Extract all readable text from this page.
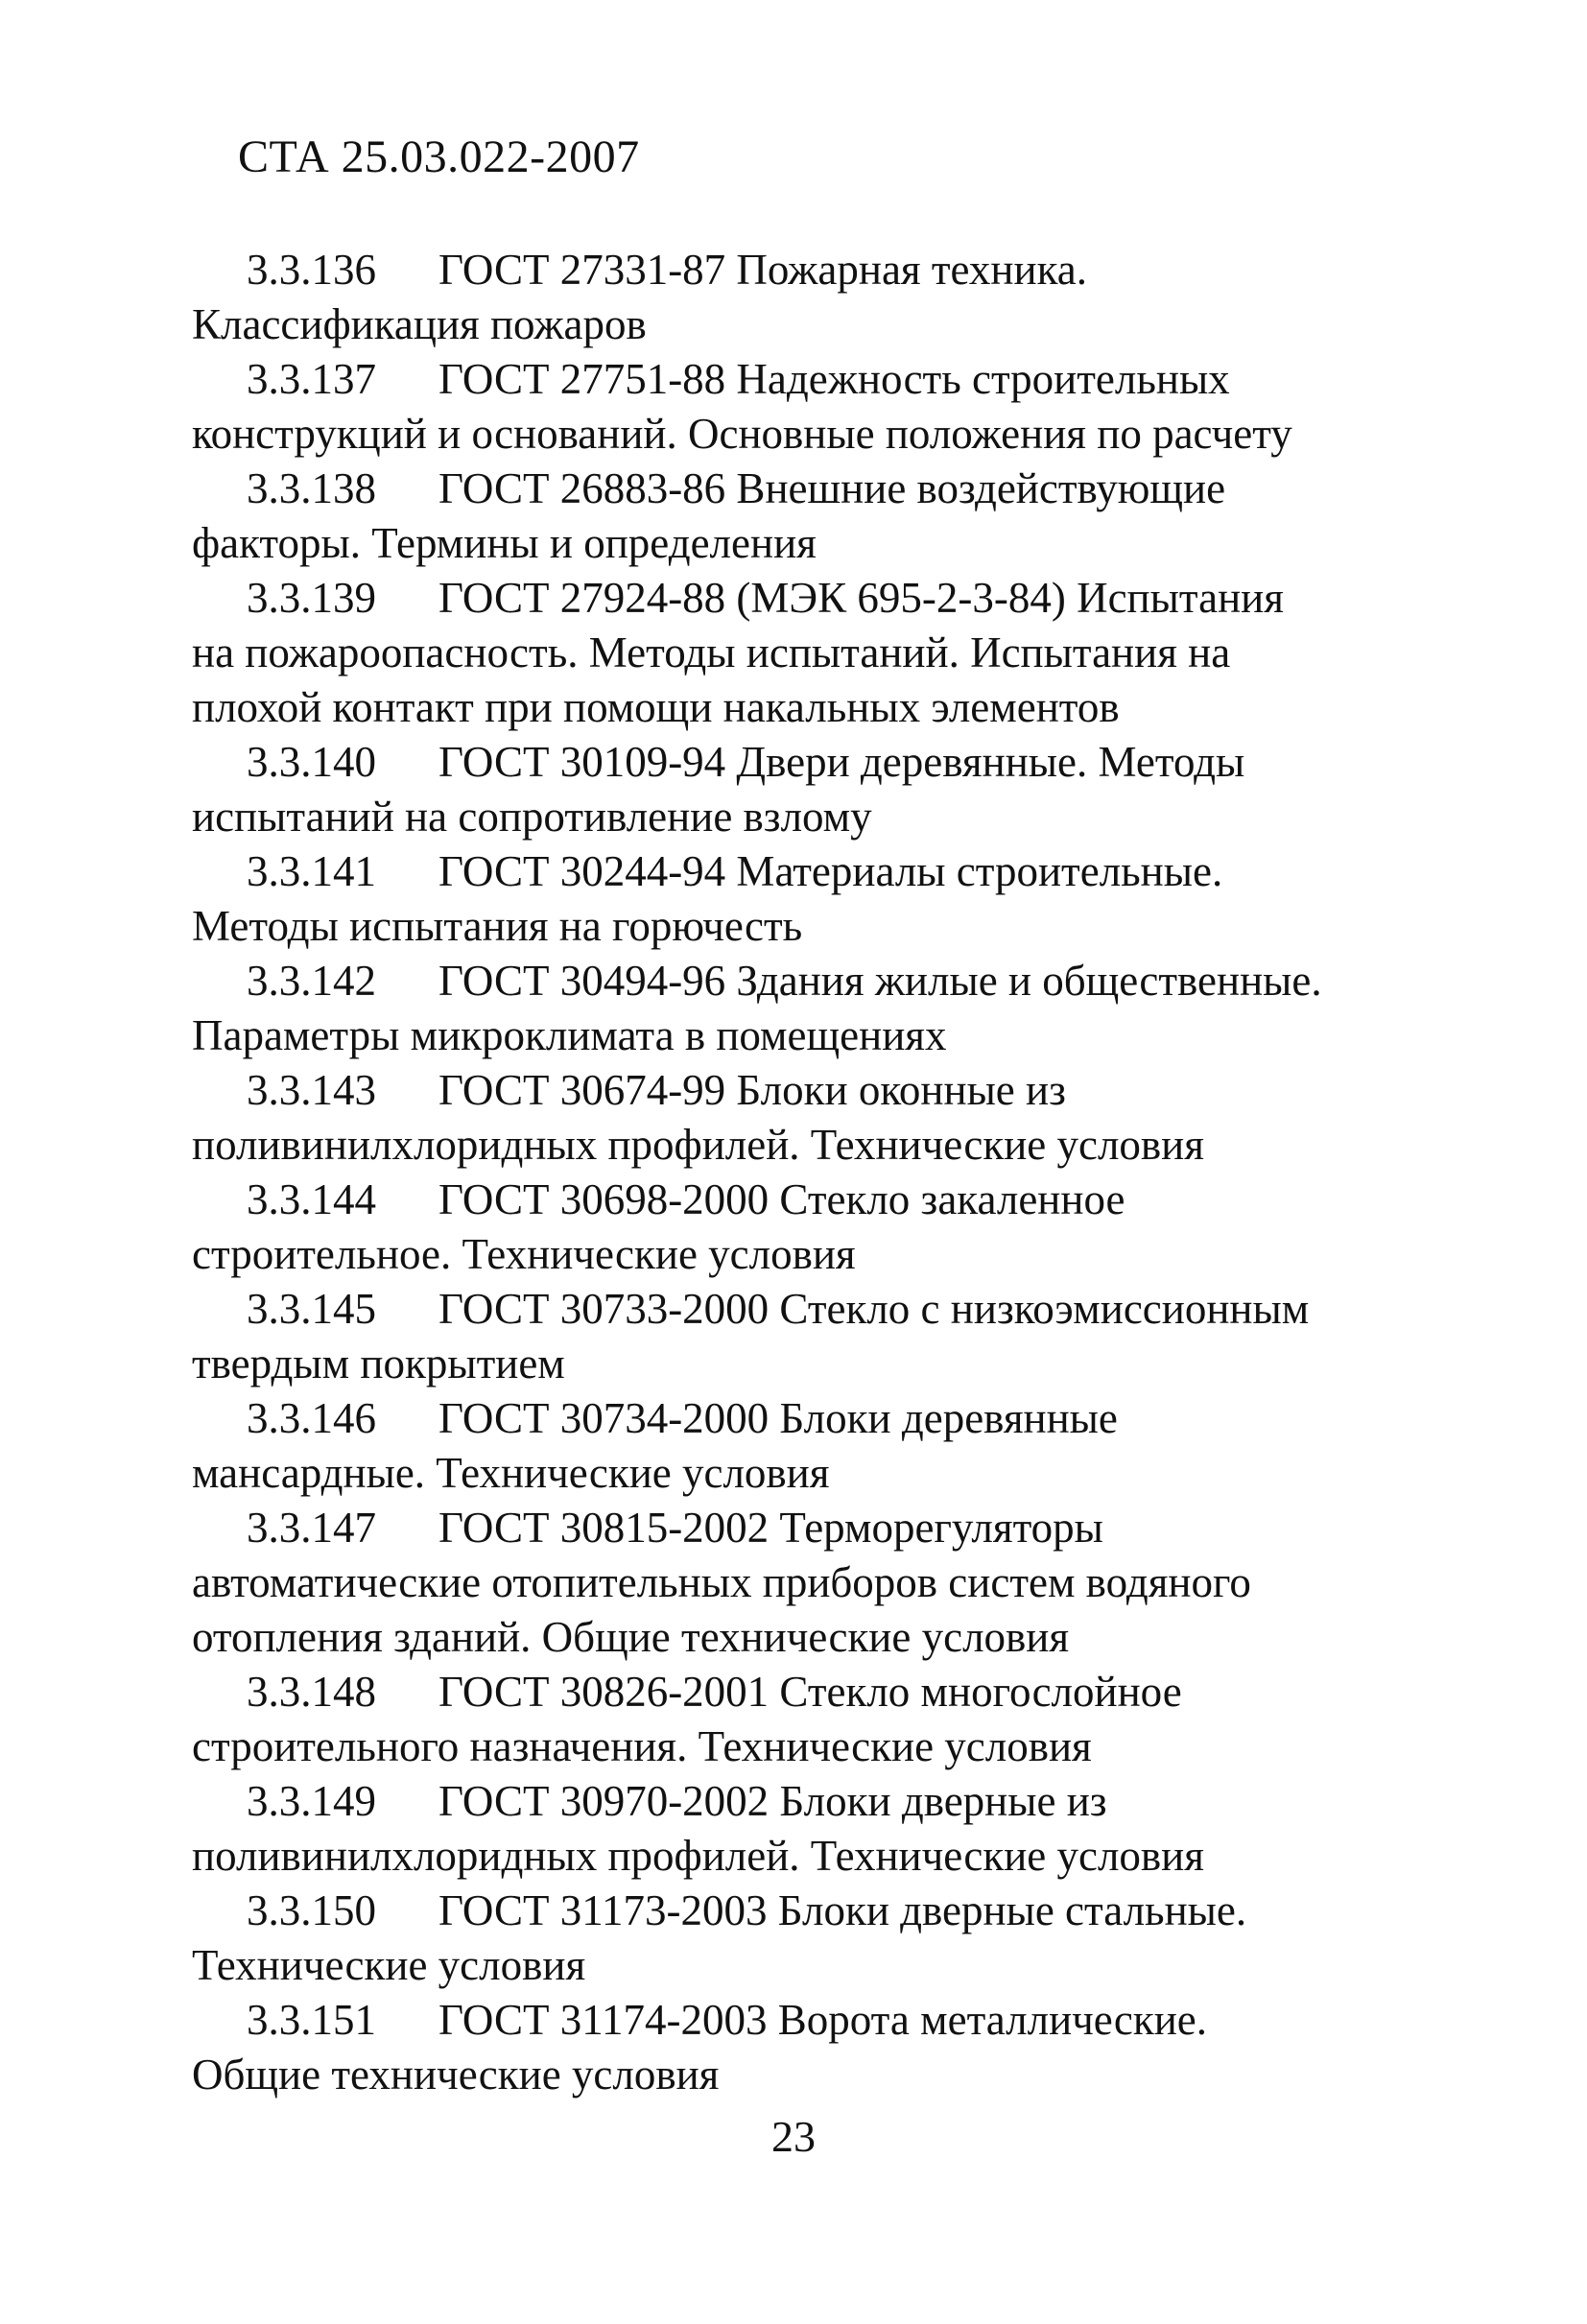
СТА 25.03.022-2007
3.3.136 ГОСТ 27331-87 Пожарная техника.
Классификация пожаров
3.3.137 ГОСТ 27751-88 Надежность строительных
конструкций и оснований. Основные положения по расчету
3.3.138 ГОСТ 26883-86 Внешние воздействующие
факторы. Термины и определения
3.3.139 ГОСТ 27924-88 (МЭК 695-2-3-84) Испытания
на пожароопасность. Методы испытаний. Испытания на
плохой контакт при помощи накальных элементов
3.3.140 ГОСТ 30109-94 Двери деревянные. Методы
испытаний на сопротивление взлому
3.3.141 ГОСТ 30244-94 Материалы строительные.
Методы испытания на горючесть
3.3.142 ГОСТ 30494-96 Здания жилые и общественные.
Параметры микроклимата в помещениях
3.3.143 ГОСТ 30674-99 Блоки оконные из
поливинилхлоридных профилей. Технические условия
3.3.144 ГОСТ 30698-2000 Стекло закаленное
строительное. Технические условия
3.3.145 ГОСТ 30733-2000 Стекло с низкоэмиссионным
твердым покрытием
3.3.146 ГОСТ 30734-2000 Блоки деревянные
мансардные. Технические условия
3.3.147 ГОСТ 30815-2002 Терморегуляторы
автоматические отопительных приборов систем водяного
отопления зданий. Общие технические условия
3.3.148 ГОСТ 30826-2001 Стекло многослойное
строительного назначения. Технические условия
3.3.149 ГОСТ 30970-2002 Блоки дверные из
поливинилхлоридных профилей. Технические условия
3.3.150 ГОСТ 31173-2003 Блоки дверные стальные.
Технические условия
3.3.151 ГОСТ 31174-2003 Ворота металлические.
Общие технические условия
23
